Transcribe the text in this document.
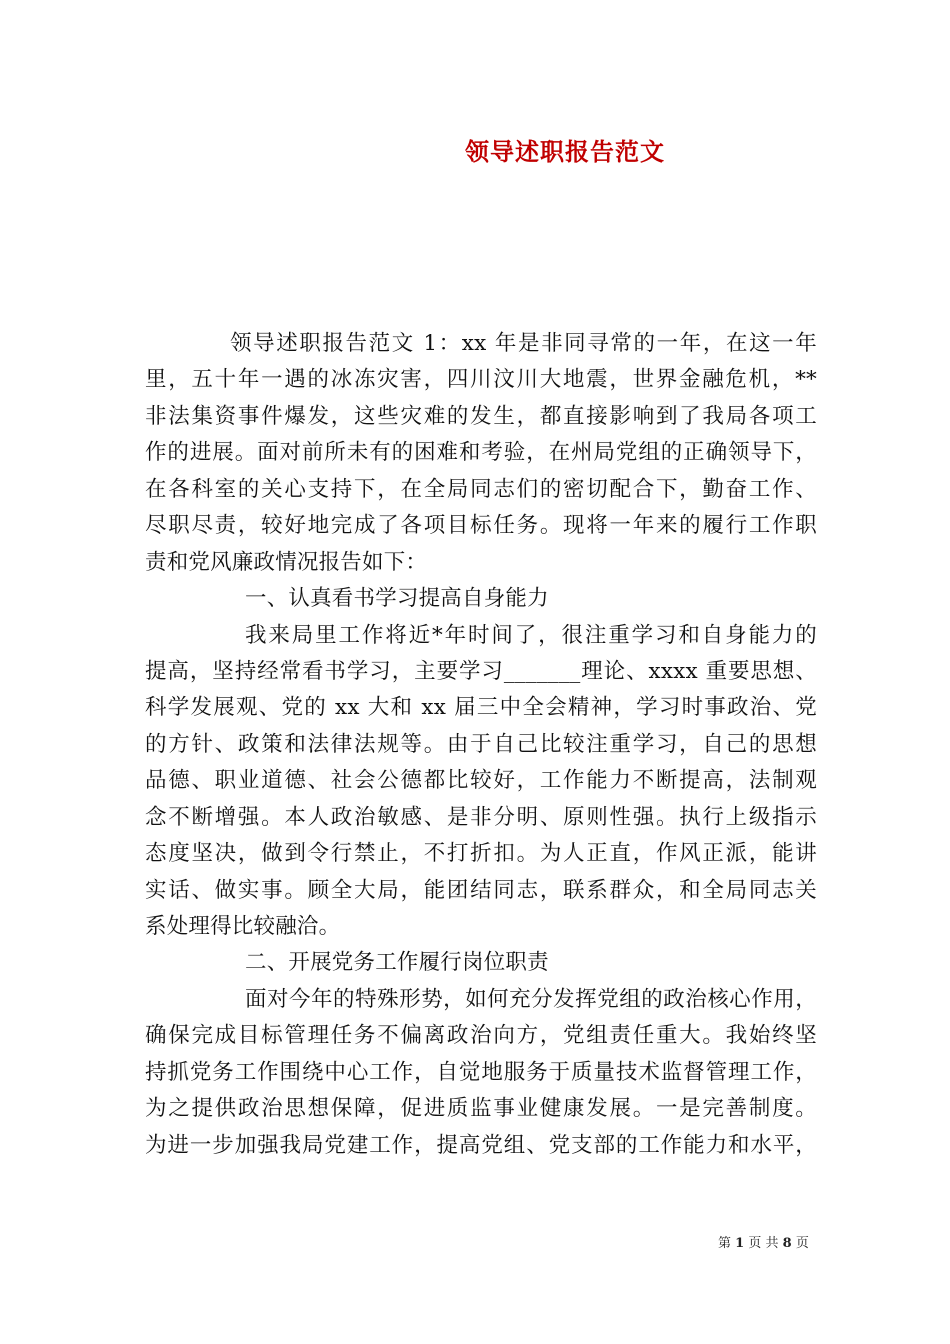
领导述职报告范文
领导述职报告范文 1：xx 年是非同寻常的一年，在这一年
里，五十年一遇的冰冻灾害，四川汶川大地震，世界金融危机，**
非法集资事件爆发，这些灾难的发生，都直接影响到了我局各项工
作的进展。面对前所未有的困难和考验，在州局党组的正确领导下，
在各科室的关心支持下，在全局同志们的密切配合下，勤奋工作、
尽职尽责，较好地完成了各项目标任务。现将一年来的履行工作职
责和党风廉政情况报告如下：
一、认真看书学习提高自身能力
我来局里工作将近*年时间了，很注重学习和自身能力的
提高，坚持经常看书学习，主要学习_______理论、xxxx 重要思想、
科学发展观、党的 xx 大和 xx 届三中全会精神，学习时事政治、党
的方针、政策和法律法规等。由于自己比较注重学习，自己的思想
品德、职业道德、社会公德都比较好，工作能力不断提高，法制观
念不断增强。本人政治敏感、是非分明、原则性强。执行上级指示
态度坚决，做到令行禁止，不打折扣。为人正直，作风正派，能讲
实话、做实事。顾全大局，能团结同志，联系群众，和全局同志关
系处理得比较融洽。
二、开展党务工作履行岗位职责
面对今年的特殊形势，如何充分发挥党组的政治核心作用，
确保完成目标管理任务不偏离政治向方，党组责任重大。我始终坚
持抓党务工作围绕中心工作，自觉地服务于质量技术监督管理工作，
为之提供政治思想保障，促进质监事业健康发展。一是完善制度。
为进一步加强我局党建工作，提高党组、党支部的工作能力和水平，
第 1 页 共 8 页
